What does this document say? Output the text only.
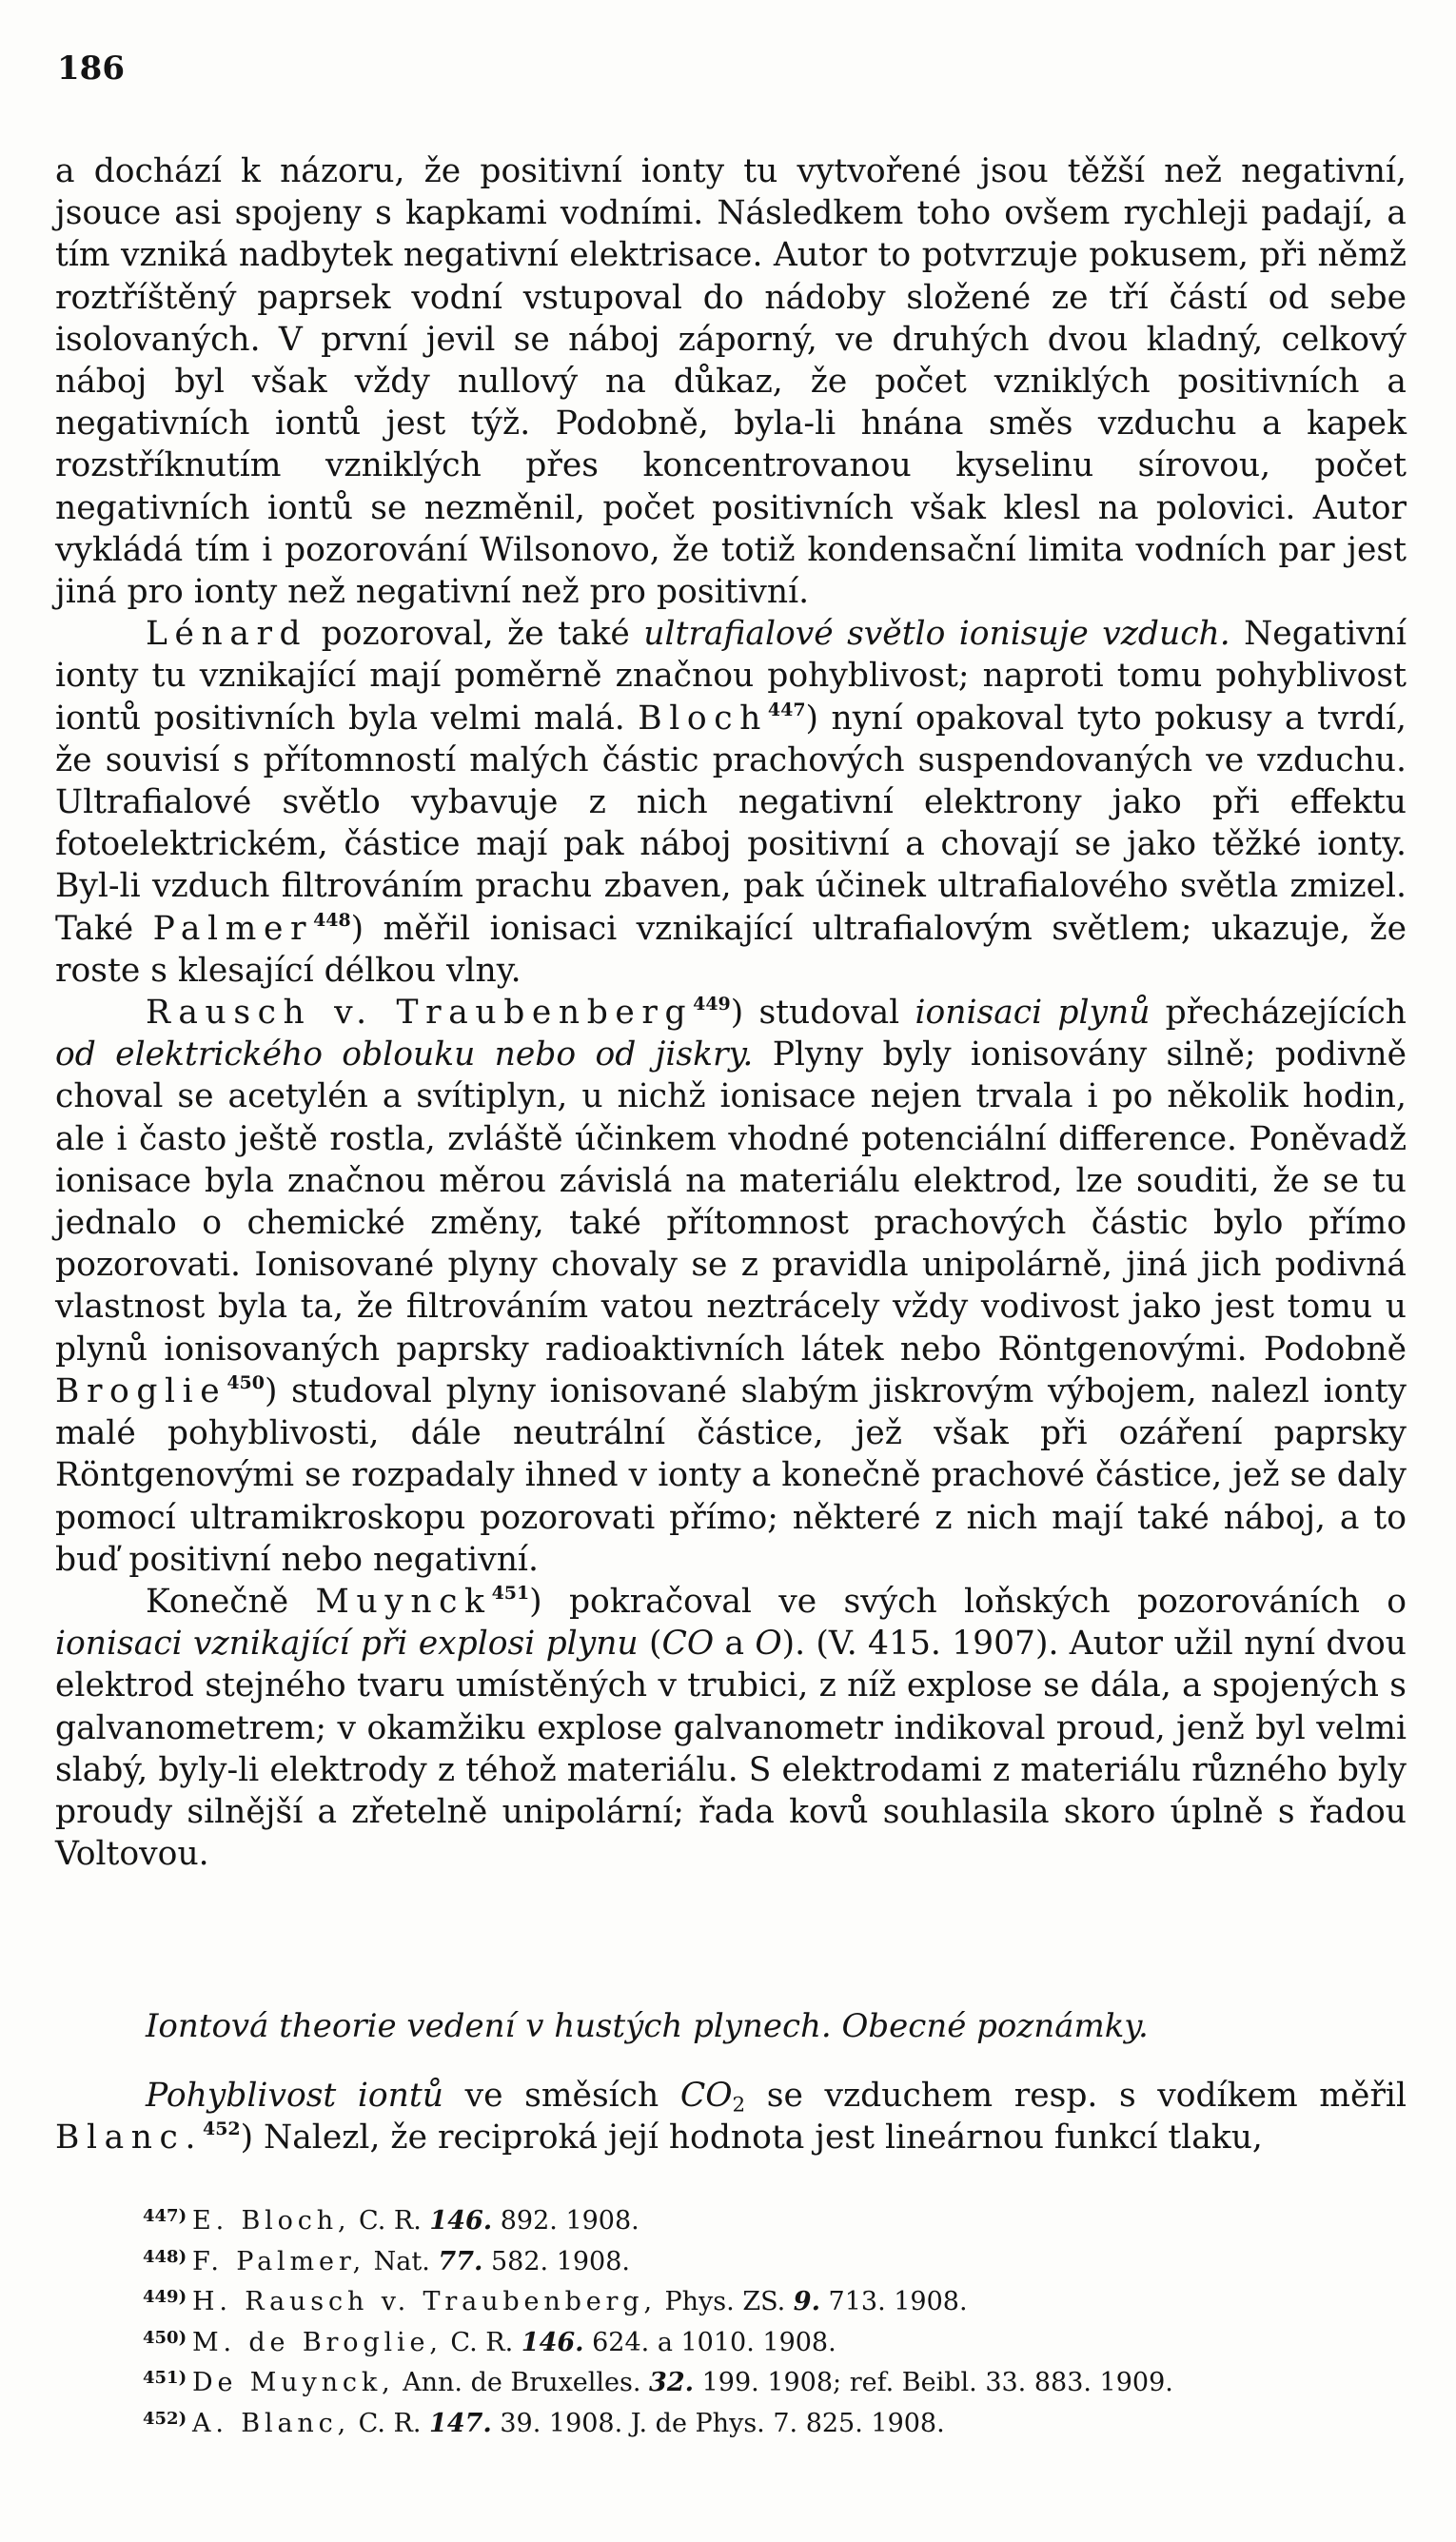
186

a dochází k názoru, že positivní ionty tu vytvořené jsou těžší než negativní, jsouce asi spojeny s kapkami vodními. Následkem toho ovšem rychleji padají, a tím vzniká nadbytek negativní elektrisace. Autor to potvrzuje pokusem, při němž roztříštěný paprsek vodní vstupoval do nádoby složené ze tří částí od sebe isolovaných. V první jevil se náboj záporný, ve druhých dvou kladný, celkový náboj byl však vždy nullový na důkaz, že počet vzniklých positivních a negativních iontů jest týž. Podobně, byla-li hnána směs vzduchu a kapek rozstříknutím vzniklých přes koncentrovanou kyselinu sírovou, počet negativních iontů se nezměnil, počet positivních však klesl na polovici. Autor vykládá tím i pozorování Wilsonovo, že totiž kondensační limita vodních par jest jiná pro ionty než negativní než pro positivní.

Lénard pozoroval, že také ultrafialové světlo ionisuje vzduch. Negativní ionty tu vznikající mají poměrně značnou pohyblivost; naproti tomu pohyblivost iontů positivních byla velmi malá. Bloch$^{447}$) nyní opakoval tyto pokusy a tvrdí, že souvisí s přítomností malých částic prachových suspendovaných ve vzduchu. Ultrafialové světlo vybavuje z nich negativní elektrony jako při effektu fotoelektrickém, částice mají pak náboj positivní a chovají se jako těžké ionty. Byl-li vzduch filtrováním prachu zbaven, pak účinek ultrafialového světla zmizel. Také Palmer$^{448}$) měřil ionisaci vznikající ultrafialovým světlem; ukazuje, že roste s klesající délkou vlny.

Rausch v. Traubenberg$^{449}$) studoval ionisaci plynů přecházejících od elektrického oblouku nebo od jiskry. Plyny byly ionisovány silně; podivně choval se acetylén a svítiplyn, u nichž ionisace nejen trvala i po několik hodin, ale i často ještě rostla, zvláště účinkem vhodné potenciální difference. Poněvadž ionisace byla značnou měrou závislá na materiálu elektrod, lze souditi, že se tu jednalo o chemické změny, také přítomnost prachových částic bylo přímo pozorovati. Ionisované plyny chovaly se z pravidla unipolárně, jiná jich podivná vlastnost byla ta, že filtrováním vatou neztrácely vždy vodivost jako jest tomu u plynů ionisovaných paprsky radioaktivních látek nebo Röntgenovými. Podobně Broglie$^{450}$) studoval plyny ionisované slabým jiskrovým výbojem, nalezl ionty malé pohyblivosti, dále neutrální částice, jež však při ozáření paprsky Röntgenovými se rozpadaly ihned v ionty a konečně prachové částice, jež se daly pomocí ultramikroskopu pozorovati přímo; některé z nich mají také náboj, a to buď positivní nebo negativní.

Konečně Muynck$^{451}$) pokračoval ve svých loňských pozorováních o ionisaci vznikající při explosi plynu (CO a O). (V. 415. 1907). Autor užil nyní dvou elektrod stejného tvaru umístěných v trubici, z níž explose se dála, a spojených s galvanometrem; v okamžiku explose galvanometr indikoval proud, jenž byl velmi slabý, byly-li elektrody z téhož materiálu. S elektrodami z materiálu různého byly proudy silnější a zřetelně unipolární; řada kovů souhlasila skoro úplně s řadou Voltovou.

Iontová theorie vedení v hustých plynech. Obecné poznámky.

Pohyblivost iontů ve směsích $CO_2$ se vzduchem resp. s vodíkem měřil Blanc.$^{452}$) Nalezl, že reciproká její hodnota jest lineárnou funkcí tlaku,

447) E. Bloch, C. R. 146. 892. 1908.
448) F. Palmer, Nat. 77. 582. 1908.
449) H. Rausch v. Traubenberg, Phys. ZS. 9. 713. 1908.
450) M. de Broglie, C. R. 146. 624. a 1010. 1908.
451) De Muynck, Ann. de Bruxelles. 32. 199. 1908; ref. Beibl. 33. 883. 1909.
452) A. Blanc, C. R. 147. 39. 1908. J. de Phys. 7. 825. 1908.
